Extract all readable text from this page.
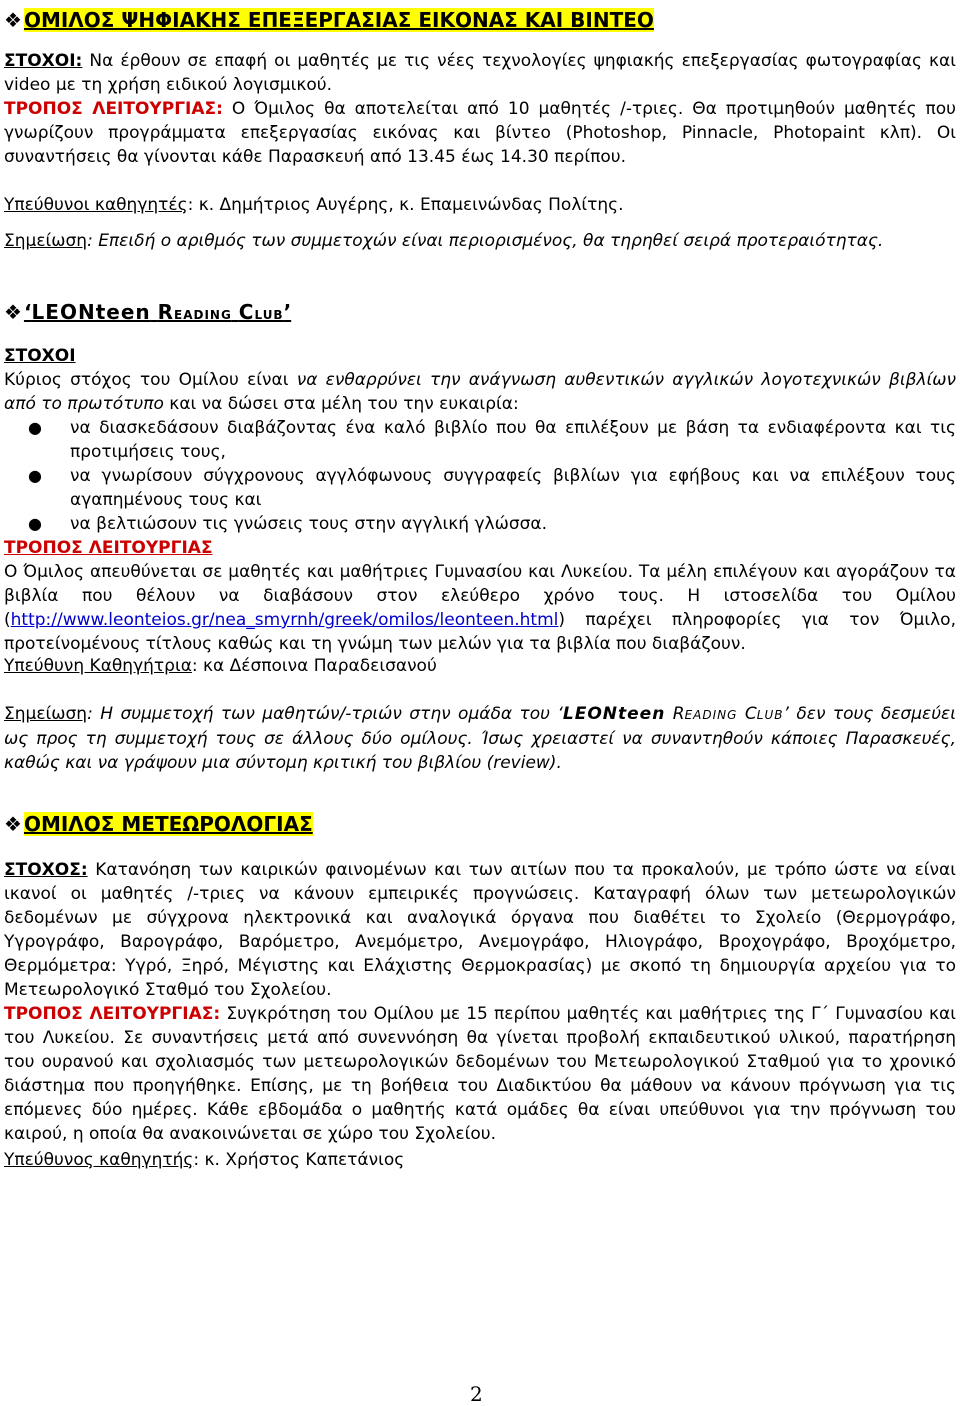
❖ ΟΜΙΛΟΣ ΨΗΦΙΑΚΗΣ ΕΠΕΞΕΡΓΑΣΙΑΣ ΕΙΚΟΝΑΣ ΚΑΙ ΒΙΝΤΕΟ

ΣΤΟΧΟΙ: Να έρθουν σε επαφή οι μαθητές με τις νέες τεχνολογίες ψηφιακής επεξεργασίας φωτογραφίας και video με τη χρήση ειδικού λογισμικού.

ΤΡΟΠΟΣ ΛΕΙΤΟΥΡΓΙΑΣ: Ο Όμιλος θα αποτελείται από 10 μαθητές /-τριες. Θα προτιμηθούν μαθητές που γνωρίζουν προγράμματα επεξεργασίας εικόνας και βίντεο (Photoshop, Pinnacle, Photopaint κλπ). Οι συναντήσεις θα γίνονται κάθε Παρασκευή από 13.45 έως 14.30 περίπου.

Υπεύθυνοι καθηγητές: κ. Δημήτριος Αυγέρης, κ. Επαμεινώνδας Πολίτης.

Σημείωση: Επειδή ο αριθμός των συμμετοχών είναι περιορισμένος, θα τηρηθεί σειρά προτεραιότητας.

❖ ‘LEONteen READING CLUB’

ΣΤΟΧΟΙ

Κύριος στόχος του Ομίλου είναι να ενθαρρύνει την ανάγνωση αυθεντικών αγγλικών λογοτεχνικών βιβλίων από το πρωτότυπο και να δώσει στα μέλη του την ευκαιρία:

● να διασκεδάσουν διαβάζοντας ένα καλό βιβλίο που θα επιλέξουν με βάση τα ενδιαφέροντα και τις προτιμήσεις τους,
● να γνωρίσουν σύγχρονους αγγλόφωνους συγγραφείς βιβλίων για εφήβους και να επιλέξουν τους αγαπημένους τους και
● να βελτιώσουν τις γνώσεις τους στην αγγλική γλώσσα.

ΤΡΟΠΟΣ ΛΕΙΤΟΥΡΓΙΑΣ

Ο Όμιλος απευθύνεται σε μαθητές και μαθήτριες Γυμνασίου και Λυκείου. Τα μέλη επιλέγουν και αγοράζουν τα βιβλία που θέλουν να διαβάσουν στον ελεύθερο χρόνο τους. Η ιστοσελίδα του Ομίλου (http://www.leonteios.gr/nea_smyrnh/greek/omilos/leonteen.html) παρέχει πληροφορίες για τον Όμιλο, προτείνομένους τίτλους καθώς και τη γνώμη των μελών για τα βιβλία που διαβάζουν.

Υπεύθυνη Καθηγήτρια: κα Δέσποινα Παραδεισανού

Σημείωση: Η συμμετοχή των μαθητών/-τριών στην ομάδα του ‘LEONteen READING CLUB’ δεν τους δεσμεύει ως προς τη συμμετοχή τους σε άλλους δύο ομίλους. Ίσως χρειαστεί να συναντηθούν κάποιες Παρασκευές, καθώς και να γράψουν μια σύντομη κριτική του βιβλίου (review).

❖ ΟΜΙΛΟΣ ΜΕΤΕΩΡΟΛΟΓΙΑΣ

ΣΤΟΧΟΣ: Κατανόηση των καιρικών φαινομένων και των αιτίων που τα προκαλούν, με τρόπο ώστε να είναι ικανοί οι μαθητές /-τριες να κάνουν εμπειρικές προγνώσεις. Καταγραφή όλων των μετεωρολογικών δεδομένων με σύγχρονα ηλεκτρονικά και αναλογικά όργανα που διαθέτει το Σχολείο (Θερμογράφο, Υγρογράφο, Βαρογράφο, Βαρόμετρο, Ανεμόμετρο, Ανεμογράφο, Ηλιογράφο, Βροχογράφο, Βροχόμετρο, Θερμόμετρα: Υγρό, Ξηρό, Μέγιστης και Ελάχιστης Θερμοκρασίας) με σκοπό τη δημιουργία αρχείου για το Μετεωρολογικό Σταθμό του Σχολείου.

ΤΡΟΠΟΣ ΛΕΙΤΟΥΡΓΙΑΣ: Συγκρότηση του Ομίλου με 15 περίπου μαθητές και μαθήτριες της Γ΄ Γυμνασίου και του Λυκείου. Σε συναντήσεις μετά από συνεννόηση θα γίνεται προβολή εκπαιδευτικού υλικού, παρατήρηση του ουρανού και σχολιασμός των μετεωρολογικών δεδομένων του Μετεωρολογικού Σταθμού για το χρονικό διάστημα που προηγήθηκε. Επίσης, με τη βοήθεια του Διαδικτύου θα μάθουν να κάνουν πρόγνωση για τις επόμενες δύο ημέρες. Κάθε εβδομάδα ο μαθητής κατά ομάδες θα είναι υπεύθυνοι για την πρόγνωση του καιρού, η οποία θα ανακοινώνεται σε χώρο του Σχολείου.

Υπεύθυνος καθηγητής: κ. Χρήστος Καπετάνιος

2
